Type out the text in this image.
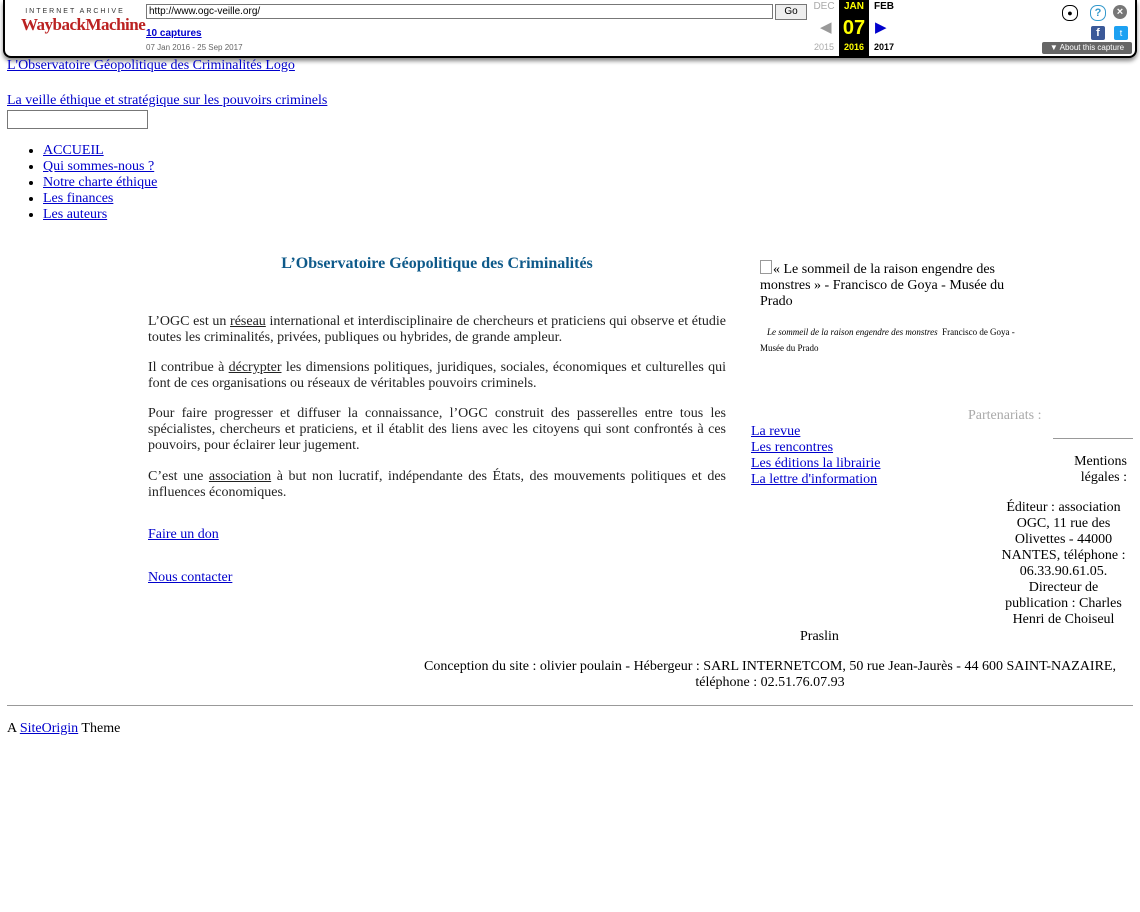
INTERNET ARCHIVE
WaybackMachine
http://www.ogc-veille.org/	Go
10 captures
07 Jan 2016 - 25 Sep 2017
DEC
2015
◀
JAN
07
2016
▶
FEB
2017
●	?	×
f	t
▼ About this capture
L'Observatoire Géopolitique des Criminalités Logo
La veille éthique et stratégique sur les pouvoirs criminels
• ACCUEIL
• Qui sommes-nous ?
• Notre charte éthique
• Les finances
• Les auteurs
L’Observatoire Géopolitique des Criminalités
L’OGC est un réseau international et interdisciplinaire de chercheurs et praticiens qui observe et étudie toutes les criminalités, privées, publiques ou hybrides, de grande ampleur.
Il contribue à décrypter les dimensions politiques, juridiques, sociales, économiques et culturelles qui font de ces organisations ou réseaux de véritables pouvoirs criminels.
Pour faire progresser et diffuser la connaissance, l’OGC construit des passerelles entre tous les spécialistes, chercheurs et praticiens, et il établit des liens avec les citoyens qui sont confrontés à ces pouvoirs, pour éclairer leur jugement.
C’est une association à but non lucratif, indépendante des États, des mouvements politiques et des influences économiques.
Faire un don
Nous contacter
« Le sommeil de la raison engendre des monstres » - Francisco de Goya - Musée du Prado
Le sommeil de la raison engendre des monstres Francisco de Goya - Musée du Prado
Partenariats :
La revue
Les rencontres
Les éditions la librairie
La lettre d'information
Mentions légales :
Éditeur : association OGC, 11 rue des Olivettes - 44000 NANTES, téléphone : 06.33.90.61.05. Directeur de publication : Charles Henri de Choiseul
Praslin
Conception du site : olivier poulain - Hébergeur : SARL INTERNETCOM, 50 rue Jean-Jaurès - 44 600 SAINT-NAZAIRE, téléphone : 02.51.76.07.93
A SiteOrigin Theme
